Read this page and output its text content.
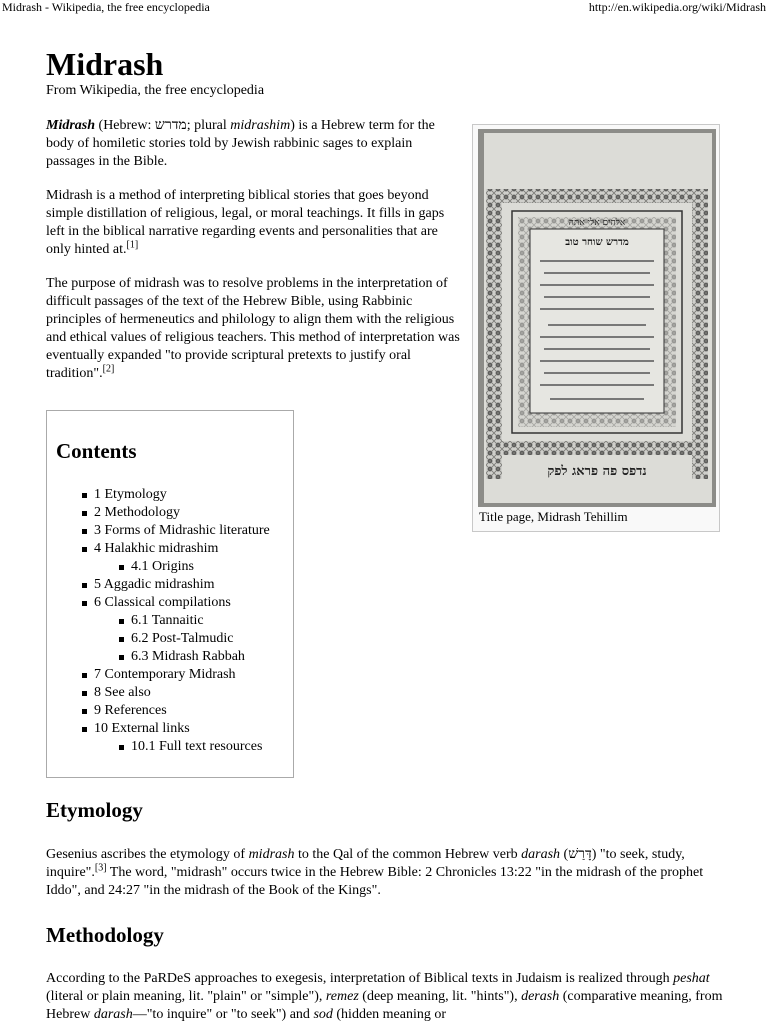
Midrash - Wikipedia, the free encyclopedia	http://en.wikipedia.org/wiki/Midrash
Midrash
From Wikipedia, the free encyclopedia

Midrash (Hebrew: מדרש; plural midrashim) is a Hebrew term for the body of homiletic stories told by Jewish rabbinic sages to explain passages in the Bible.

Midrash is a method of interpreting biblical stories that goes beyond simple distillation of religious, legal, or moral teachings. It fills in gaps left in the biblical narrative regarding events and personalities that are only hinted at.[1]

The purpose of midrash was to resolve problems in the interpretation of difficult passages of the text of the Hebrew Bible, using Rabbinic principles of hermeneutics and philology to align them with the religious and ethical values of religious teachers. This method of interpretation was eventually expanded "to provide scriptural pretexts to justify oral tradition".[2]

אלהים אלי אתה
מדרש שוחר טוב
נדפס פה פראג לפק
Title page, Midrash Tehillim
Contents
1 Etymology
2 Methodology
3 Forms of Midrashic literature
4 Halakhic midrashim
4.1 Origins
5 Aggadic midrashim
6 Classical compilations
6.1 Tannaitic
6.2 Post-Talmudic
6.3 Midrash Rabbah
7 Contemporary Midrash
8 See also
9 References
10 External links
10.1 Full text resources
Etymology

Gesenius ascribes the etymology of midrash to the Qal of the common Hebrew verb darash (דָּרַשׁ) "to seek, study, inquire".[3] The word, "midrash" occurs twice in the Hebrew Bible: 2 Chronicles 13:22 "in the midrash of the prophet Iddo", and 24:27 "in the midrash of the Book of the Kings".

Methodology

According to the PaRDeS approaches to exegesis, interpretation of Biblical texts in Judaism is realized through peshat (literal or plain meaning, lit. "plain" or "simple"), remez (deep meaning, lit. "hints"), derash (comparative meaning, from Hebrew darash—"to inquire" or "to seek") and sod (hidden meaning or
